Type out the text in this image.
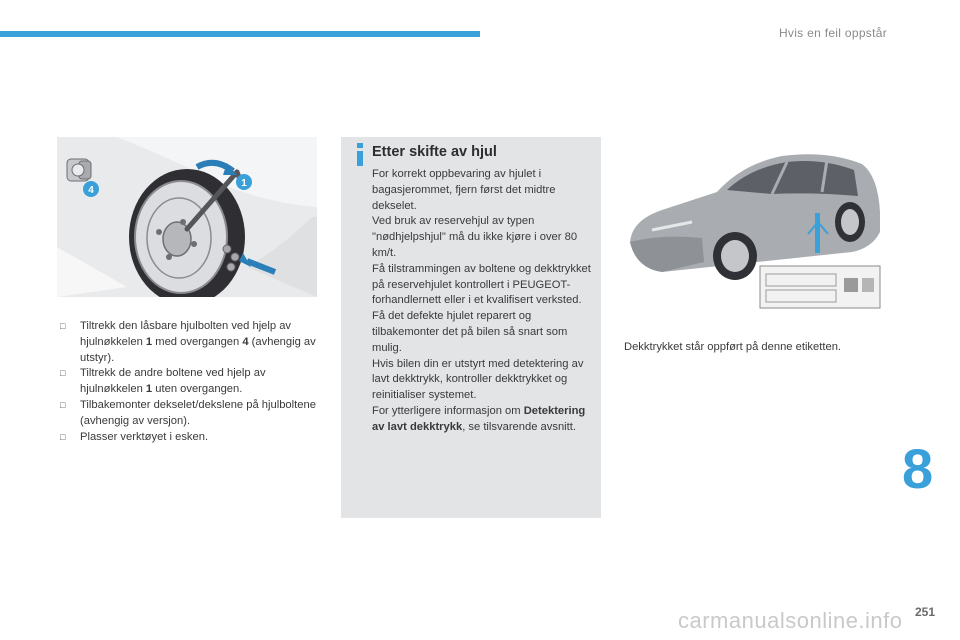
Hvis en feil oppstår
4
1
□ Tiltrekk den låsbare hjulbolten ved hjelp av hjulnøkkelen 1 med overgangen 4 (avhengig av utstyr).
□ Tiltrekk de andre boltene ved hjelp av hjulnøkkelen 1 uten overgangen.
□ Tilbakemonter dekselet/dekslene på hjulboltene (avhengig av versjon).
□ Plasser verktøyet i esken.
Etter skifte av hjul

For korrekt oppbevaring av hjulet i bagasjerommet, fjern først det midtre dekselet.

Ved bruk av reservehjul av typen "nødhjelpshjul" må du ikke kjøre i over 80 km/t.

Få tilstrammingen av boltene og dekktrykket på reservehjulet kontrollert i PEUGEOT-forhandlernett eller i et kvalifisert verksted.

Få det defekte hjulet reparert og tilbakemonter det på bilen så snart som mulig.

Hvis bilen din er utstyrt med detektering av lavt dekktrykk, kontroller dekktrykket og reinitialiser systemet.

For ytterligere informasjon om Detektering av lavt dekktrykk, se tilsvarende avsnitt.

Dekktrykket står oppført på denne etiketten.
8
251
carmanualsonline.info
